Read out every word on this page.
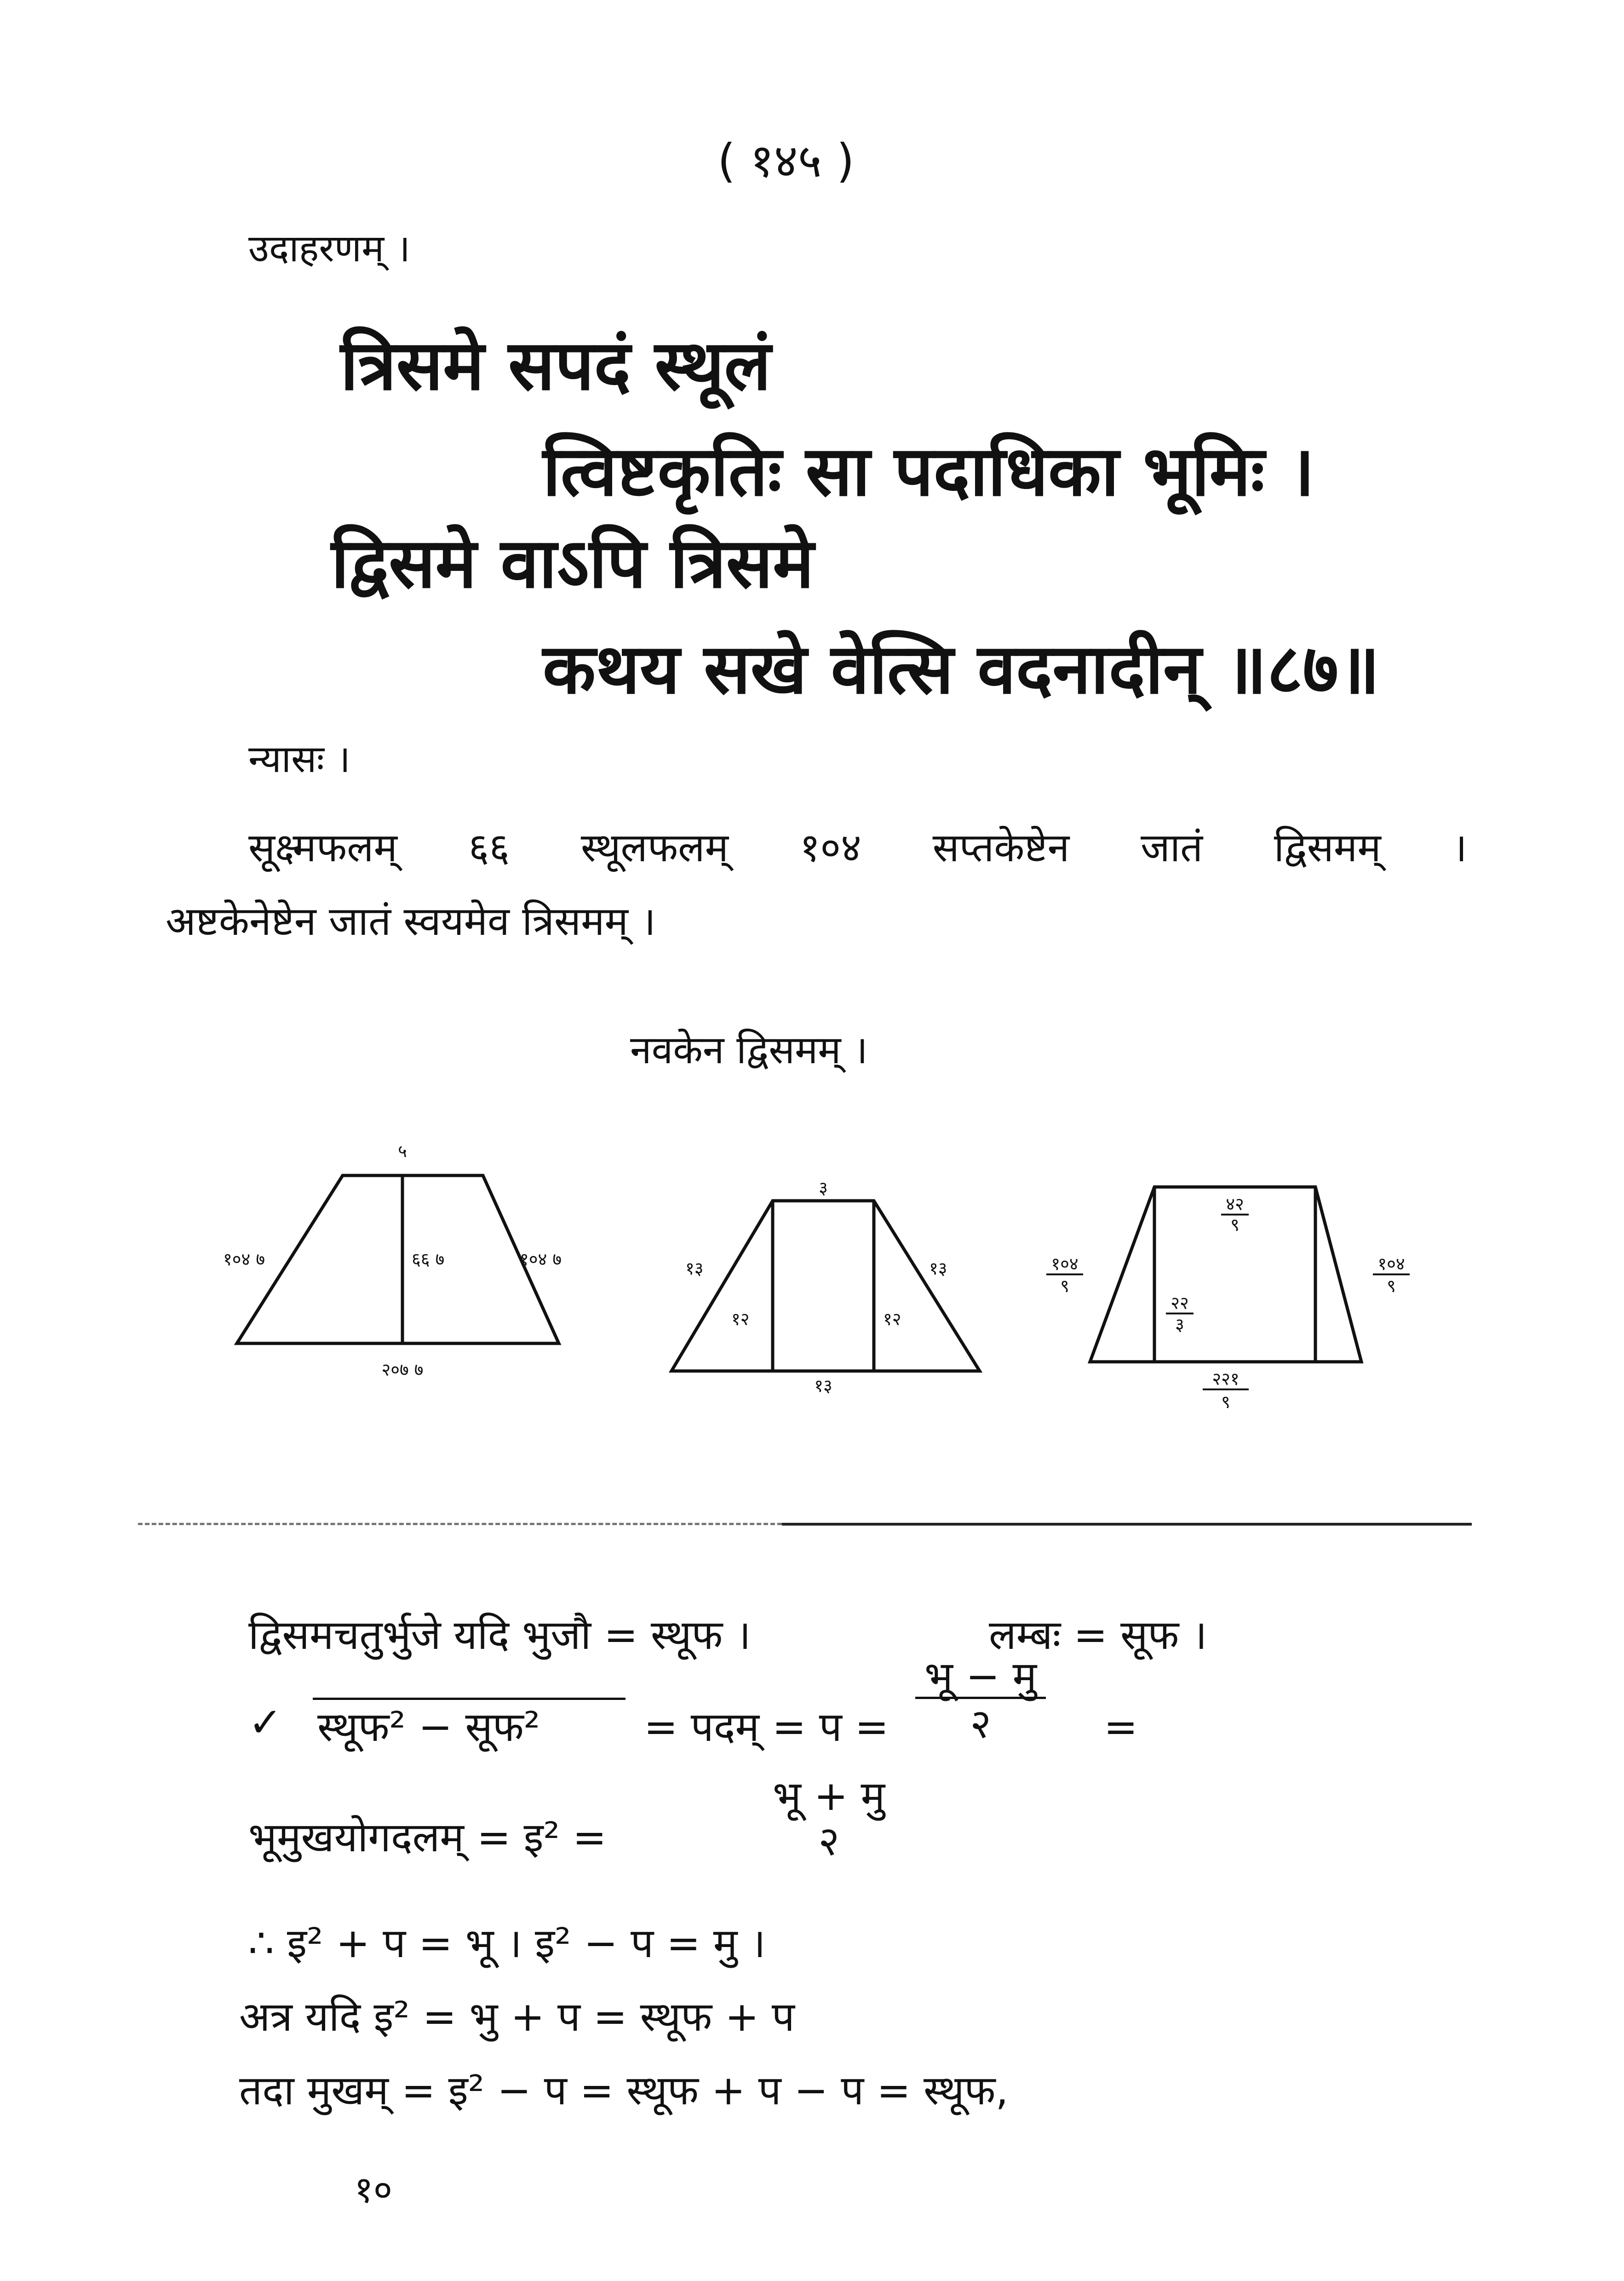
( १४५ )
उदाहरणम् ।
त्रिसमे सपदं स्थूलं
त्विष्टकृतिः सा पदाधिका भूमिः ।
द्विसमे वाऽपि त्रिसमे
कथय सखे वेत्सि वदनादीन् ॥८७॥
न्यासः ।
सूक्ष्मफलम् ६६ स्थूलफलम् १०४ सप्तकेष्टेन जातं द्विसमम् ।
अष्टकेनेष्टेन जातं स्वयमेव त्रिसमम् ।
नवकेन द्विसमम् ।
५
१०४ ७	६६ ७	१०४ ७
२०७ ७
३
१३
१२	१२
१३
१३
४२
९
१०४
९
२२
३
१०४
९
२२१
९
द्विसमचतुर्भुजे यदि भुजौ = स्थूफ ।	लम्बः = सूफ ।
✓ स्थूफ² − सूफ²	= पदम् = प =
भू − मु
२	=
भूमुखयोगदलम् = इ² =
भू + मु
२
∴ इ² + प = भू । इ² − प = मु ।
अत्र यदि इ² = भु + प = स्थूफ + प
तदा मुखम् = इ² − प = स्थूफ + प − प = स्थूफ,
१०
